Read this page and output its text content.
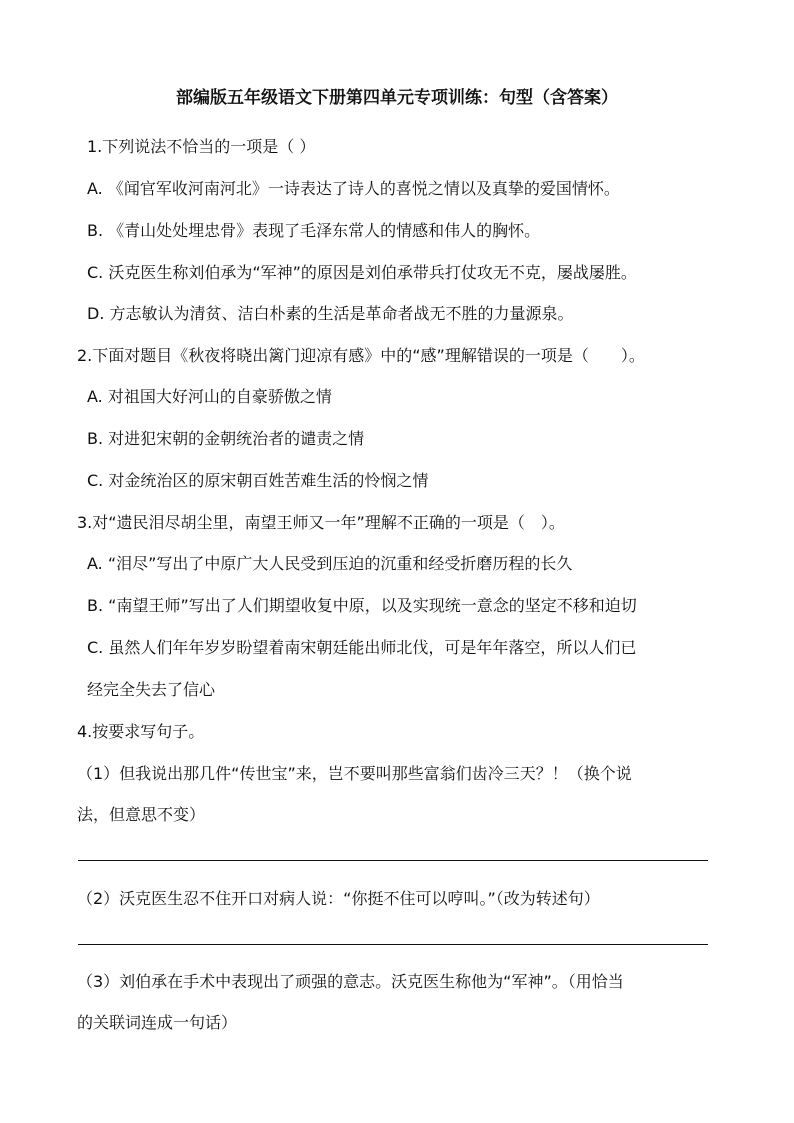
部编版五年级语文下册第四单元专项训练：句型（含答案）
1.下列说法不恰当的一项是（ ）
A. 《闻官军收河南河北》一诗表达了诗人的喜悦之情以及真挚的爱国情怀。
B. 《青山处处埋忠骨》表现了毛泽东常人的情感和伟人的胸怀。
C. 沃克医生称刘伯承为“军神”的原因是刘伯承带兵打仗攻无不克，屡战屡胜。
D. 方志敏认为清贫、洁白朴素的生活是革命者战无不胜的力量源泉。
2.下面对题目《秋夜将晓出篱门迎凉有感》中的“感”理解错误的一项是（　　）。
A. 对祖国大好河山的自豪骄傲之情
B. 对进犯宋朝的金朝统治者的谴责之情
C. 对金统治区的原宋朝百姓苦难生活的怜悯之情
3.对“遗民泪尽胡尘里，南望王师又一年”理解不正确的一项是（　）。
A. “泪尽”写出了中原广大人民受到压迫的沉重和经受折磨历程的长久
B. “南望王师”写出了人们期望收复中原，以及实现统一意念的坚定不移和迫切
C. 虽然人们年年岁岁盼望着南宋朝廷能出师北伐，可是年年落空，所以人们已
经完全失去了信心
4.按要求写句子。
（1）但我说出那几件“传世宝”来，岂不要叫那些富翁们齿冷三天？！（换个说
法，但意思不变）
（2）沃克医生忍不住开口对病人说：“你挺不住可以哼叫。”（改为转述句）
（3）刘伯承在手术中表现出了顽强的意志。沃克医生称他为“军神”。（用恰当
的关联词连成一句话）
